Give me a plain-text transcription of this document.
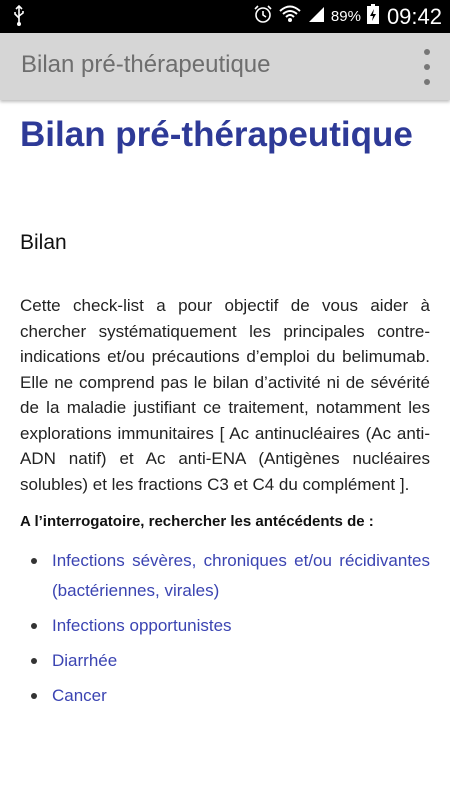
89% 09:42
Bilan pré-thérapeutique
Bilan pré-thérapeutique
Bilan

Cette check-list a pour objectif de vous aider à chercher systématiquement les principales contre-indications et/ou précautions d’emploi du belimumab. Elle ne comprend pas le bilan d’activité ni de sévérité de la maladie justifiant ce traitement, notamment les explorations immunitaires [ Ac antinucléaires (Ac anti-ADN natif) et Ac anti-ENA (Antigènes nucléaires solubles) et les fractions C3 et C4 du complément ].

A l’interrogatoire, rechercher les antécédents de :

Infections sévères, chroniques et/ou récidivantes (bactériennes, virales)
Infections opportunistes
Diarrhée
Cancer
